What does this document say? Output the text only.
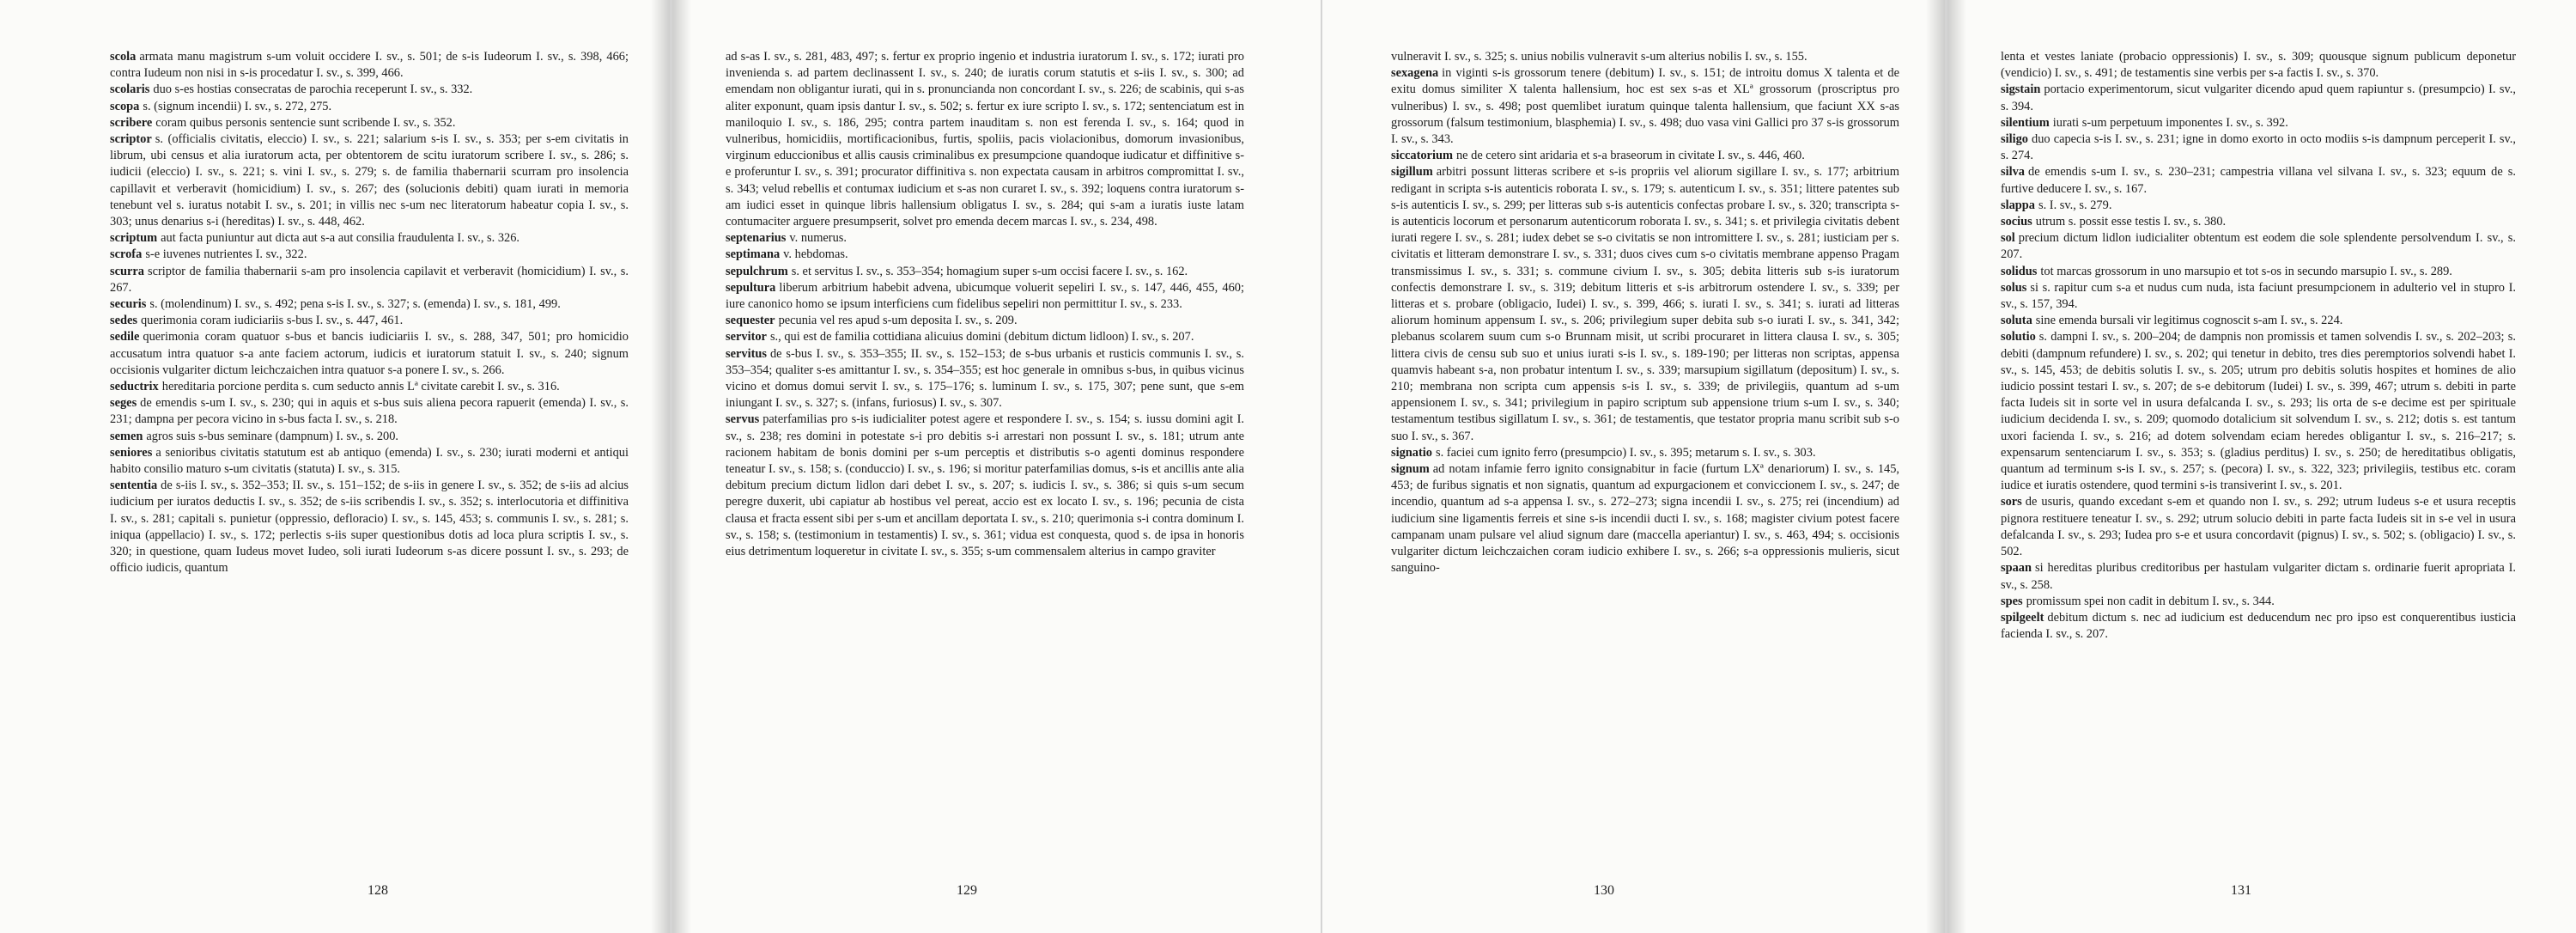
scola armata manu magistrum s-um voluit occidere I. sv., s. 501; de s-is Iudeorum I. sv., s. 398, 466; contra Iudeum non nisi in s-is procedatur I. sv., s. 399, 466.

scolaris duo s-es hostias consecratas de parochia receperunt I. sv., s. 332.

scopa s. (signum incendii) I. sv., s. 272, 275.

scribere coram quibus personis sentencie sunt scribende I. sv., s. 352.

scriptor s. (officialis civitatis, eleccio) I. sv., s. 221; salarium s-is I. sv., s. 353; per s-em civitatis in librum, ubi census et alia iuratorum acta, per obtentorem de scitu iuratorum scribere I. sv., s. 286; s. iudicii (eleccio) I. sv., s. 221; s. vini I. sv., s. 279; s. de familia thabernarii scurram pro insolencia capillavit et verberavit (homicidium) I. sv., s. 267; des (solucionis debiti) quam iurati in memoria tenebunt vel s. iuratus notabit I. sv., s. 201; in villis nec s-um nec literatorum habeatur copia I. sv., s. 303; unus denarius s-i (hereditas) I. sv., s. 448, 462.

scriptum aut facta puniuntur aut dicta aut s-a aut consilia fraudulenta I. sv., s. 326.

scrofa s-e iuvenes nutrientes I. sv., 322.

scurra scriptor de familia thabernarii s-am pro insolencia capilavit et verberavit (homicidium) I. sv., s. 267.

securis s. (molendinum) I. sv., s. 492; pena s-is I. sv., s. 327; s. (emenda) I. sv., s. 181, 499.

sedes querimonia coram iudiciariis s-bus I. sv., s. 447, 461.

sedile querimonia coram quatuor s-bus et bancis iudiciariis I. sv., s. 288, 347, 501; pro homicidio accusatum intra quatuor s-a ante faciem actorum, iudicis et iuratorum statuit I. sv., s. 240; signum occisionis vulgariter dictum leichczaichen intra quatuor s-a ponere I. sv., s. 266.

seductrix hereditaria porcione perdita s. cum seducto annis Lª civitate carebit I. sv., s. 316.

seges de emendis s-um I. sv., s. 230; qui in aquis et s-bus suis aliena pecora rapuerit (emenda) I. sv., s. 231; dampna per pecora vicino in s-bus facta I. sv., s. 218.

semen agros suis s-bus seminare (dampnum) I. sv., s. 200.

seniores a senioribus civitatis statutum est ab antiquo (emenda) I. sv., s. 230; iurati moderni et antiqui habito consilio maturo s-um civitatis (statuta) I. sv., s. 315.

sententia de s-iis I. sv., s. 352–353; II. sv., s. 151–152; de s-iis in genere I. sv., s. 352; de s-iis ad alcius iudicium per iuratos deductis I. sv., s. 352; de s-iis scribendis I. sv., s. 352; s. interlocutoria et diffinitiva I. sv., s. 281; capitali s. punietur (oppressio, defloracio) I. sv., s. 145, 453; s. communis I. sv., s. 281; s. iniqua (appellacio) I. sv., s. 172; perlectis s-iis super questionibus dotis ad loca plura scriptis I. sv., s. 320; in questione, quam Iudeus movet Iudeo, soli iurati Iudeorum s-as dicere possunt I. sv., s. 293; de officio iudicis, quantum

128

ad s-as I. sv., s. 281, 483, 497; s. fertur ex proprio ingenio et industria iuratorum I. sv., s. 172; iurati pro invenienda s. ad partem declinassent I. sv., s. 240; de iuratis corum statutis et s-iis I. sv., s. 300; ad emendam non obligantur iurati, qui in s. pronunciandа non concordant I. sv., s. 226; de scabinis, qui s-as aliter exponunt, quam ipsis dantur I. sv., s. 502; s. fertur ex iure scripto I. sv., s. 172; sentenciatum est in maniloquio I. sv., s. 186, 295; contra partem inauditam s. non est ferenda I. sv., s. 164; quod in vulneribus, homicidiis, mortificacionibus, furtis, spoliis, pacis violacionibus, domorum invasionibus, virginum educcionibus et allis causis criminalibus ex presumpcione quandoque iudicatur et diffinitive s-e proferuntur I. sv., s. 391; procurator diffinitiva s. non expectata causam in arbitros compromittat I. sv., s. 343; velud rebellis et contumax iudicium et s-as non curaret I. sv., s. 392; loquens contra iuratorum s-am iudici esset in quinque libris hallensium obligatus I. sv., s. 284; qui s-am a iuratis iuste latam contumaciter arguere presumpserit, solvet pro emenda decem marcas I. sv., s. 234, 498.

septenarius v. numerus.

septimana v. hebdomas.

sepulchrum s. et servitus I. sv., s. 353–354; homagium super s-um occisi facere I. sv., s. 162.

sepultura liberum arbitrium habebit advena, ubicumque voluerit sepeliri I. sv., s. 147, 446, 455, 460; iure canonico homo se ipsum interficiens cum fidelibus sepeliri non permittitur I. sv., s. 233.

sequester pecunia vel res apud s-um deposita I. sv., s. 209.

servitor s., qui est de familia cottidiana alicuius domini (debitum dictum lidloon) I. sv., s. 207.

servitus de s-bus I. sv., s. 353–355; II. sv., s. 152–153; de s-bus urbanis et rusticis communis I. sv., s. 353–354; qualiter s-es amittantur I. sv., s. 354–355; est hoc generale in omnibus s-bus, in quibus vicinus vicino et domus domui servit I. sv., s. 175–176; s. luminum I. sv., s. 175, 307; pene sunt, que s-em iniungant I. sv., s. 327; s. (infans, furiosus) I. sv., s. 307.

servus paterfamilias pro s-is iudicialiter potest agere et respondere I. sv., s. 154; s. iussu domini agit I. sv., s. 238; res domini in potestate s-i pro debitis s-i arrestari non possunt I. sv., s. 181; utrum ante racionem habitam de bonis domini per s-um perceptis et distributis s-o agenti dominus respondere teneatur I. sv., s. 158; s. (conduccio) I. sv., s. 196; si moritur paterfamilias domus, s-is et ancillis ante alia debitum precium dictum lidlon dari debet I. sv., s. 207; s. iudicis I. sv., s. 386; si quis s-um secum peregre duxerit, ubi capiatur ab hostibus vel pereat, accio est ex locato I. sv., s. 196; pecunia de cista clausa et fracta essent sibi per s-um et ancillam deportata I. sv., s. 210; querimonia s-i contra dominum I. sv., s. 158; s. (testimonium in testamentis) I. sv., s. 361; vidua est conquesta, quod s. de ipsa in honoris eius detrimentum loqueretur in civitate I. sv., s. 355; s-um commensalem alterius in campo graviter

129

vulneravit I. sv., s. 325; s. unius nobilis vulneravit s-um alterius nobilis I. sv., s. 155.

sexagena in viginti s-is grossorum tenere (debitum) I. sv., s. 151; de introitu domus X talenta et de exitu domus similiter X talenta hallensium, hoc est sex s-as et XLª grossorum (proscriptus pro vulneribus) I. sv., s. 498; post quemlibet iuratum quinque talenta hallensium, que faciunt XX s-as grossorum (falsum testimonium, blasphemia) I. sv., s. 498; duo vasa vini Gallici pro 37 s-is grossorum I. sv., s. 343.

siccatorium ne de cetero sint aridaria et s-a braseorum in civitate I. sv., s. 446, 460.

sigillum arbitri possunt litteras scribere et s-is propriis vel aliorum sigillare I. sv., s. 177; arbitrium redigant in scripta s-is autenticis roborata I. sv., s. 179; s. autenticum I. sv., s. 351; littere patentes sub s-is autenticis I. sv., s. 299; per litteras sub s-is autenticis confectas probare I. sv., s. 320; transcripta s-is autenticis locorum et personarum autenticorum roborata I. sv., s. 341; s. et privilegia civitatis debent iurati regere I. sv., s. 281; iudex debet se s-o civitatis se non intromittere I. sv., s. 281; iusticiam per s. civitatis et litteram demonstrare I. sv., s. 331; duos cives cum s-o civitatis membrane appenso Pragam transmissimus I. sv., s. 331; s. commune civium I. sv., s. 305; debita litteris sub s-is iuratorum confectis demonstrare I. sv., s. 319; debitum litteris et s-is arbitrorum ostendere I. sv., s. 339; per litteras et s. probare (obligacio, Iudei) I. sv., s. 399, 466; s. iurati I. sv., s. 341; s. iurati ad litteras aliorum hominum appensum I. sv., s. 206; privilegium super debita sub s-o iurati I. sv., s. 341, 342; plebanus scolarem suum cum s-o Brunnam misit, ut scribi procuraret in littera clausa I. sv., s. 305; littera civis de censu sub suo et unius iurati s-is I. sv., s. 189-190; per litteras non scriptas, appensa quamvis habeant s-a, non probatur intentum I. sv., s. 339; marsupium sigillatum (depositum) I. sv., s. 210; membrana non scripta cum appensis s-is I. sv., s. 339; de privilegiis, quantum ad s-um appensionem I. sv., s. 341; privilegium in papiro scriptum sub appensione trium s-um I. sv., s. 340; testamentum testibus sigillatum I. sv., s. 361; de testamentis, que testator propria manu scribit sub s-o suo I. sv., s. 367.

signatio s. faciei cum ignito ferro (presumpcio) I. sv., s. 395; metarum s. I. sv., s. 303.

signum ad notam infamie ferro ignito consignabitur in facie (furtum LXª denariorum) I. sv., s. 145, 453; de furibus signatis et non signatis, quantum ad expurgacionem et conviccionem I. sv., s. 247; de incendio, quantum ad s-a appensa I. sv., s. 272–273; signa incendii I. sv., s. 275; rei (incendium) ad iudicium sine ligamentis ferreis et sine s-is incendii ducti I. sv., s. 168; magister civium potest facere campanam unam pulsare vel aliud signum dare (maccella aperiantur) I. sv., s. 463, 494; s. occisionis vulgariter dictum leichczaichen coram iudicio exhibere I. sv., s. 266; s-a oppressionis mulieris, sicut sanguino-

130

lenta et vestes laniate (probacio oppressionis) I. sv., s. 309; quousque signum publicum deponetur (vendicio) I. sv., s. 491; de testamentis sine verbis per s-a factis I. sv., s. 370.

sigstain portacio experimentorum, sicut vulgariter dicendo apud quem rapiuntur s. (presumpcio) I. sv., s. 394.

silentium iurati s-um perpetuum imponentes I. sv., s. 392.

siligo duo capecia s-is I. sv., s. 231; igne in domo exorto in octo modiis s-is dampnum perceperit I. sv., s. 274.

silva de emendis s-um I. sv., s. 230–231; campestria villana vel silvana I. sv., s. 323; equum de s. furtive deducere I. sv., s. 167.

slappa s. I. sv., s. 279.

socius utrum s. possit esse testis I. sv., s. 380.

sol precium dictum lidlon iudicialiter obtentum est eodem die sole splendente persolvendum I. sv., s. 207.

solidus tot marcas grossorum in uno marsupio et tot s-os in secundo marsupio I. sv., s. 289.

solus si s. rapitur cum s-a et nudus cum nuda, ista faciunt presumpcionem in adulterio vel in stupro I. sv., s. 157, 394.

soluta sine emenda bursali vir legitimus cognoscit s-am I. sv., s. 224.

solutio s. dampni I. sv., s. 200–204; de dampnis non promissis et tamen solvendis I. sv., s. 202–203; s. debiti (dampnum refundere) I. sv., s. 202; qui tenetur in debito, tres dies peremptorios solvendi habet I. sv., s. 145, 453; de debitis solutis I. sv., s. 205; utrum pro debitis solutis hospites et homines de alio iudicio possint testari I. sv., s. 207; de s-e debitorum (Iudei) I. sv., s. 399, 467; utrum s. debiti in parte facta Iudeis sit in sorte vel in usura defalcanda I. sv., s. 293; lis orta de s-e decime est per spirituale iudicium decidenda I. sv., s. 209; quomodo dotalicium sit solvendum I. sv., s. 212; dotis s. est tantum uxori facienda I. sv., s. 216; ad dotem solvendam eciam heredes obligantur I. sv., s. 216–217; s. expensarum sentenciarum I. sv., s. 353; s. (gladius perditus) I. sv., s. 250; de hereditatibus obligatis, quantum ad terminum s-is I. sv., s. 257; s. (pecora) I. sv., s. 322, 323; privilegiis, testibus etc. coram iudice et iuratis ostendere, quod termini s-is transiverint I. sv., s. 201.

sors de usuris, quando excedant s-em et quando non I. sv., s. 292; utrum Iudeus s-e et usura receptis pignora restituere teneatur I. sv., s. 292; utrum solucio debiti in parte facta Iudeis sit in s-e vel in usura defalcanda I. sv., s. 293; Iudea pro s-e et usura concordavit (pignus) I. sv., s. 502; s. (obligacio) I. sv., s. 502.

spaan si hereditas pluribus creditoribus per hastulam vulgariter dictam s. ordinarie fuerit apropriata I. sv., s. 258.

spes promissum spei non cadit in debitum I. sv., s. 344.

spilgeelt debitum dictum s. nec ad iudicium est deducendum nec pro ipso est conquerentibus iusticia facienda I. sv., s. 207.

131
